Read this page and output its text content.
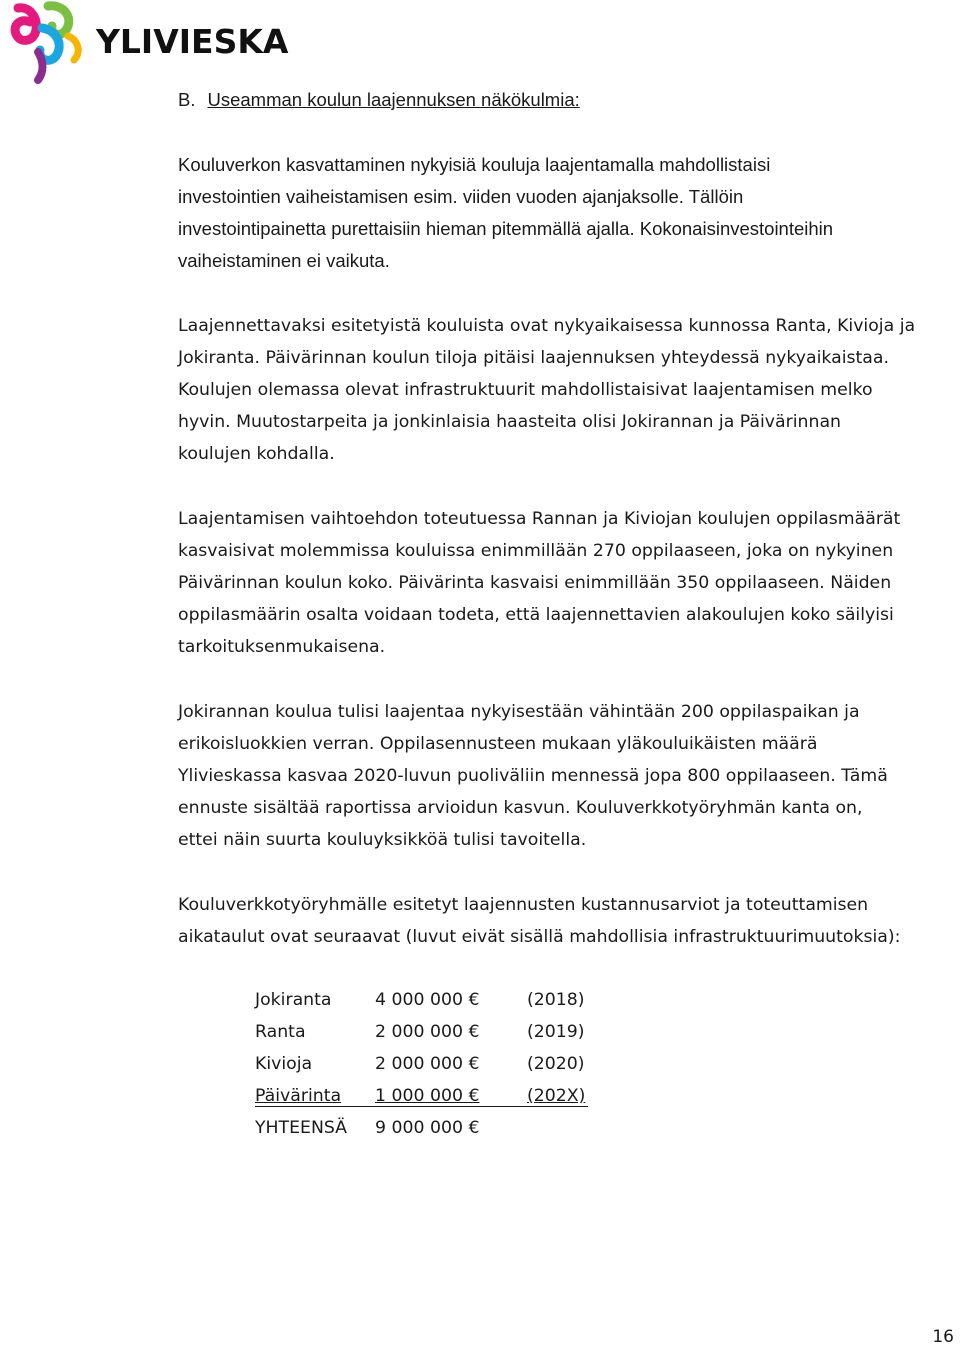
YLIVIESKA

B. Useamman koulun laajennuksen näkökulmia:

Kouluverkon kasvattaminen nykyisiä kouluja laajentamalla mahdollistaisi
investointien vaiheistamisen esim. viiden vuoden ajanjaksolle. Tällöin
investointipainetta purettaisiin hieman pitemmällä ajalla. Kokonaisinvestointeihin
vaiheistaminen ei vaikuta.

Laajennettavaksi esitetyistä kouluista ovat nykyaikaisessa kunnossa Ranta, Kivioja ja
Jokiranta. Päivärinnan koulun tiloja pitäisi laajennuksen yhteydessä nykyaikaistaa.
Koulujen olemassa olevat infrastruktuurit mahdollistaisivat laajentamisen melko
hyvin. Muutostarpeita ja jonkinlaisia haasteita olisi Jokirannan ja Päivärinnan
koulujen kohdalla.

Laajentamisen vaihtoehdon toteutuessa Rannan ja Kiviojan koulujen oppilasmäärät
kasvaisivat molemmissa kouluissa enimmillään 270 oppilaaseen, joka on nykyinen
Päivärinnan koulun koko. Päivärinta kasvaisi enimmillään 350 oppilaaseen. Näiden
oppilasmäärin osalta voidaan todeta, että laajennettavien alakoulujen koko säilyisi
tarkoituksenmukaisena.

Jokirannan koulua tulisi laajentaa nykyisestään vähintään 200 oppilaspaikan ja
erikoisluokkien verran. Oppilasennusteen mukaan yläkouluikäisten määrä
Ylivieskassa kasvaa 2020-luvun puoliväliin mennessä jopa 800 oppilaaseen. Tämä
ennuste sisältää raportissa arvioidun kasvun. Kouluverkkotyöryhmän kanta on,
ettei näin suurta kouluyksikköä tulisi tavoitella.

Kouluverkkotyöryhmälle esitetyt laajennusten kustannusarviot ja toteuttamisen
aikataulut ovat seuraavat (luvut eivät sisällä mahdollisia infrastruktuurimuutoksia):

Jokiranta	4 000 000 €	(2018)
Ranta	2 000 000 €	(2019)
Kivioja	2 000 000 €	(2020)
Päivärinta 1 000 000 €	(202X)
YHTEENSÄ 9 000 000 €
16
